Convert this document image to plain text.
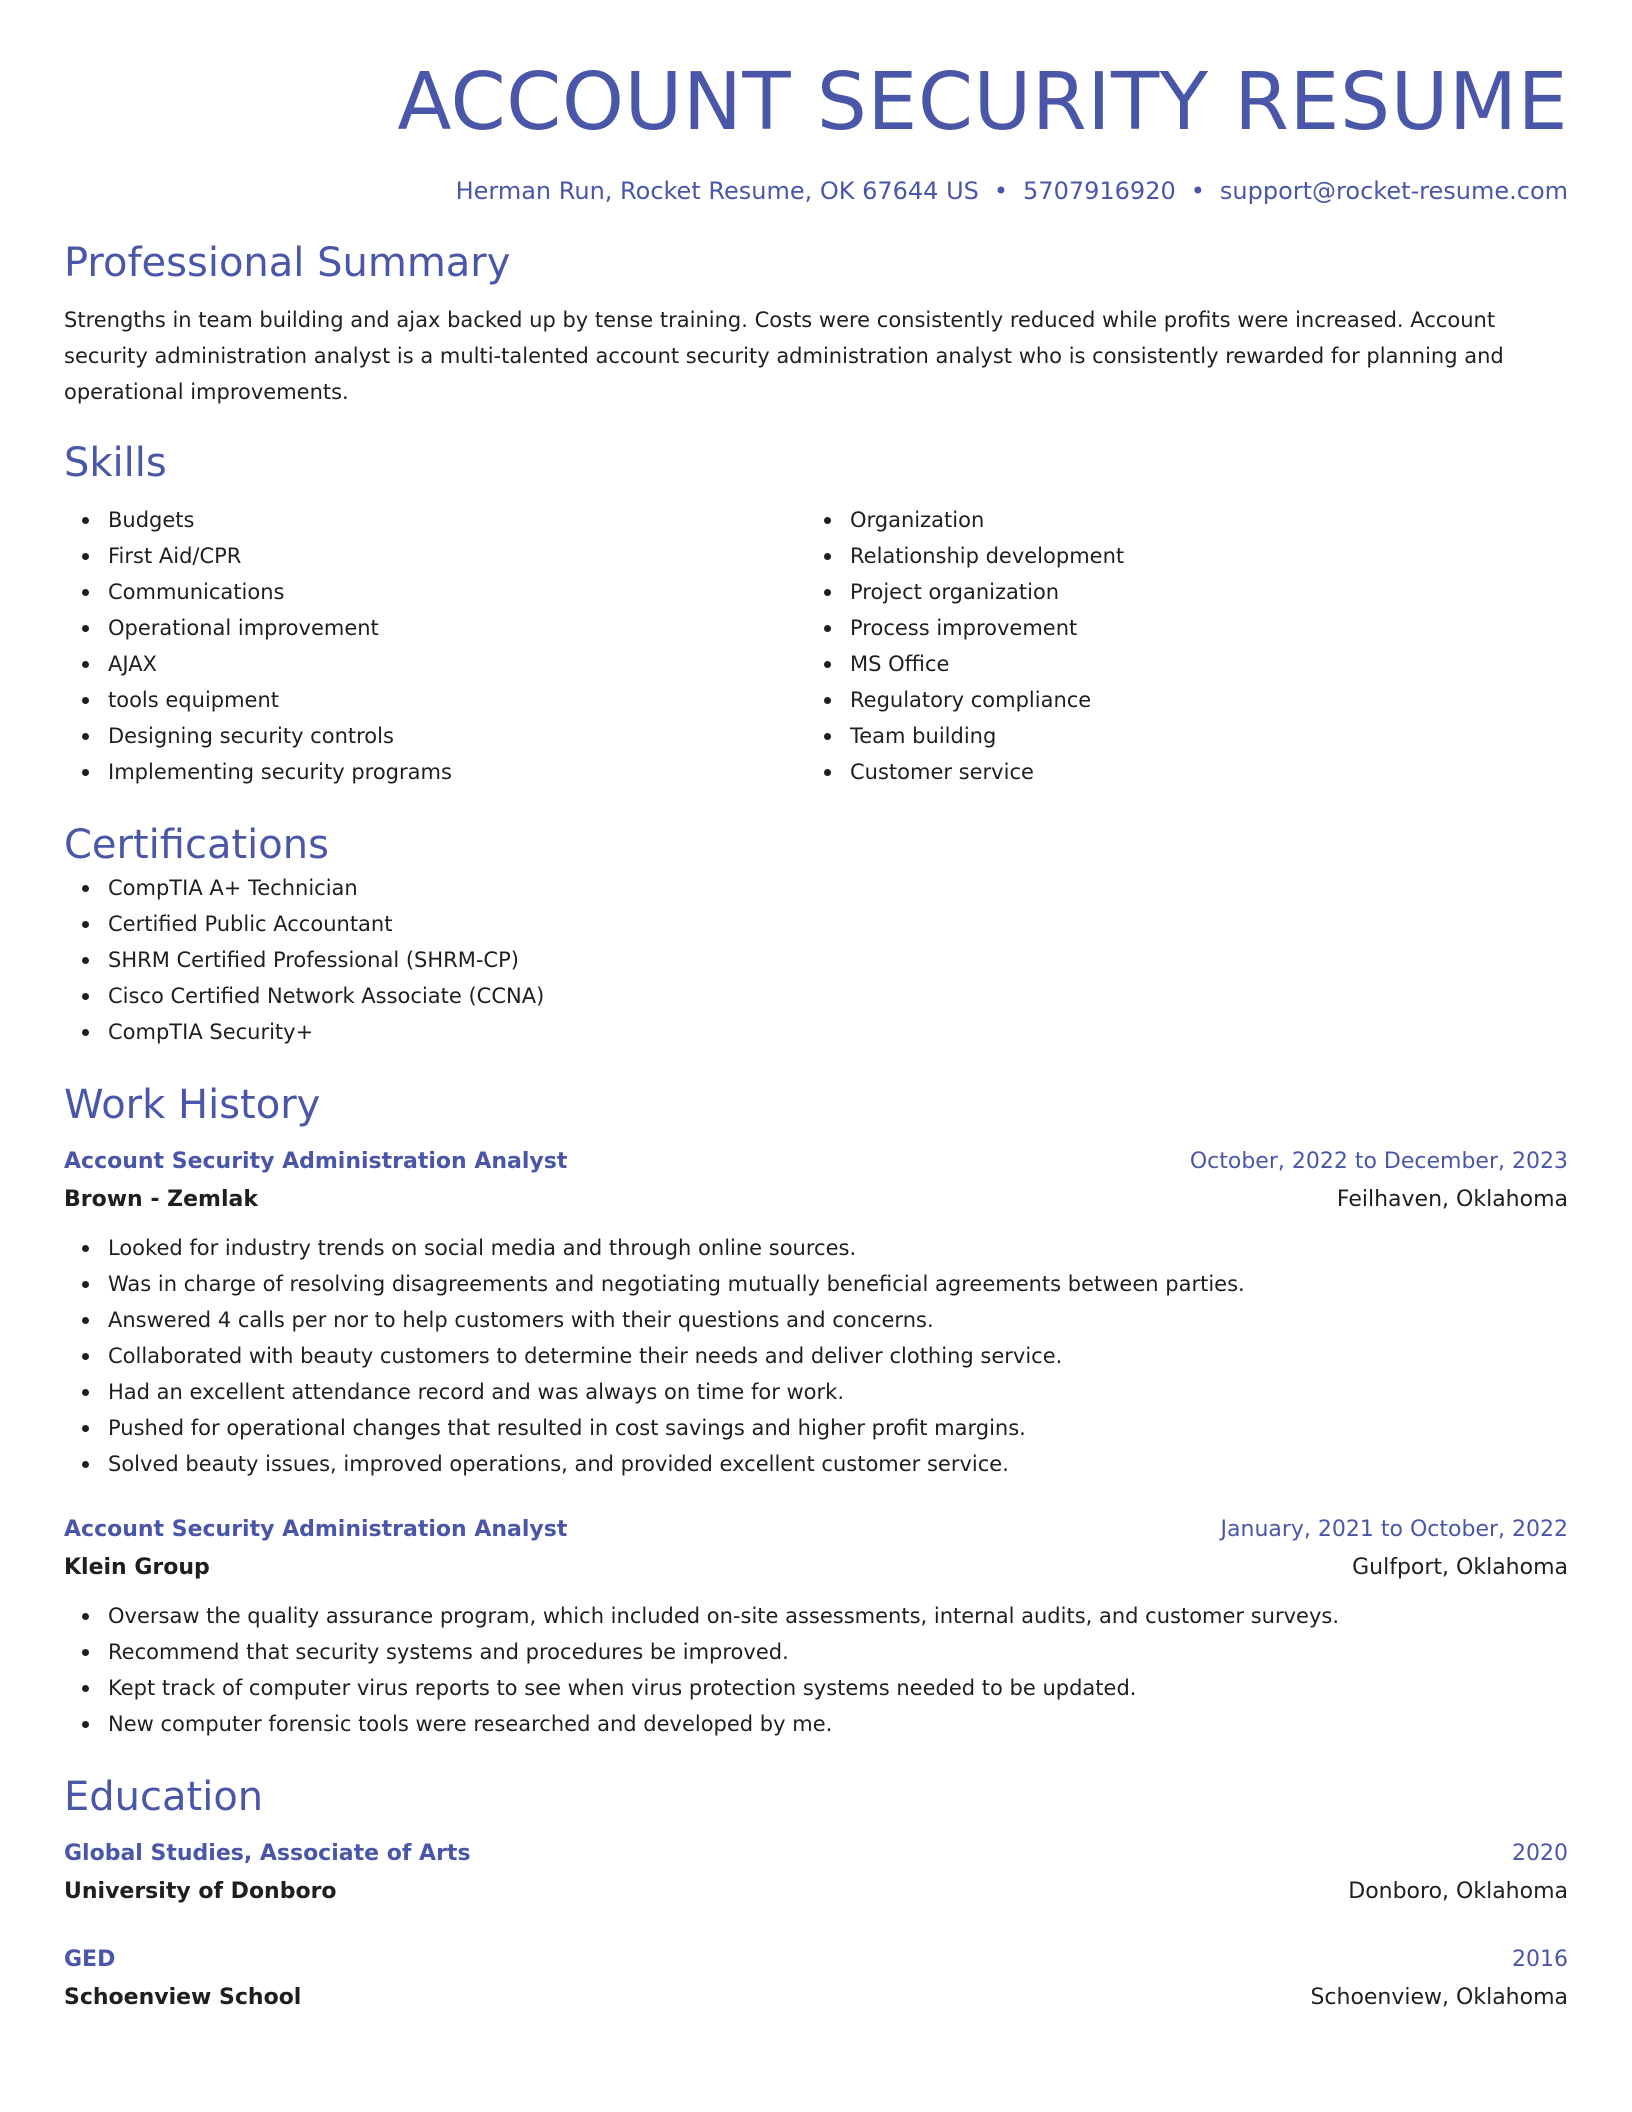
ACCOUNT SECURITY RESUME
Herman Run, Rocket Resume, OK 67644 US • 5707916920 • support@rocket-resume.com
Professional Summary
Strengths in team building and ajax backed up by tense training. Costs were consistently reduced while profits were increased. Account security administration analyst is a multi-talented account security administration analyst who is consistently rewarded for planning and operational improvements.
Skills
Budgets
First Aid/CPR
Communications
Operational improvement
AJAX
tools equipment
Designing security controls
Implementing security programs
Organization
Relationship development
Project organization
Process improvement
MS Office
Regulatory compliance
Team building
Customer service
Certifications
CompTIA A+ Technician
Certified Public Accountant
SHRM Certified Professional (SHRM-CP)
Cisco Certified Network Associate (CCNA)
CompTIA Security+
Work History
Account Security Administration Analyst	October, 2022 to December, 2023
Brown - Zemlak	Feilhaven, Oklahoma
Looked for industry trends on social media and through online sources.
Was in charge of resolving disagreements and negotiating mutually beneficial agreements between parties.
Answered 4 calls per nor to help customers with their questions and concerns.
Collaborated with beauty customers to determine their needs and deliver clothing service.
Had an excellent attendance record and was always on time for work.
Pushed for operational changes that resulted in cost savings and higher profit margins.
Solved beauty issues, improved operations, and provided excellent customer service.
Account Security Administration Analyst	January, 2021 to October, 2022
Klein Group	Gulfport, Oklahoma
Oversaw the quality assurance program, which included on-site assessments, internal audits, and customer surveys.
Recommend that security systems and procedures be improved.
Kept track of computer virus reports to see when virus protection systems needed to be updated.
New computer forensic tools were researched and developed by me.
Education
Global Studies, Associate of Arts	2020
University of Donboro	Donboro, Oklahoma
GED	2016
Schoenview School	Schoenview, Oklahoma
